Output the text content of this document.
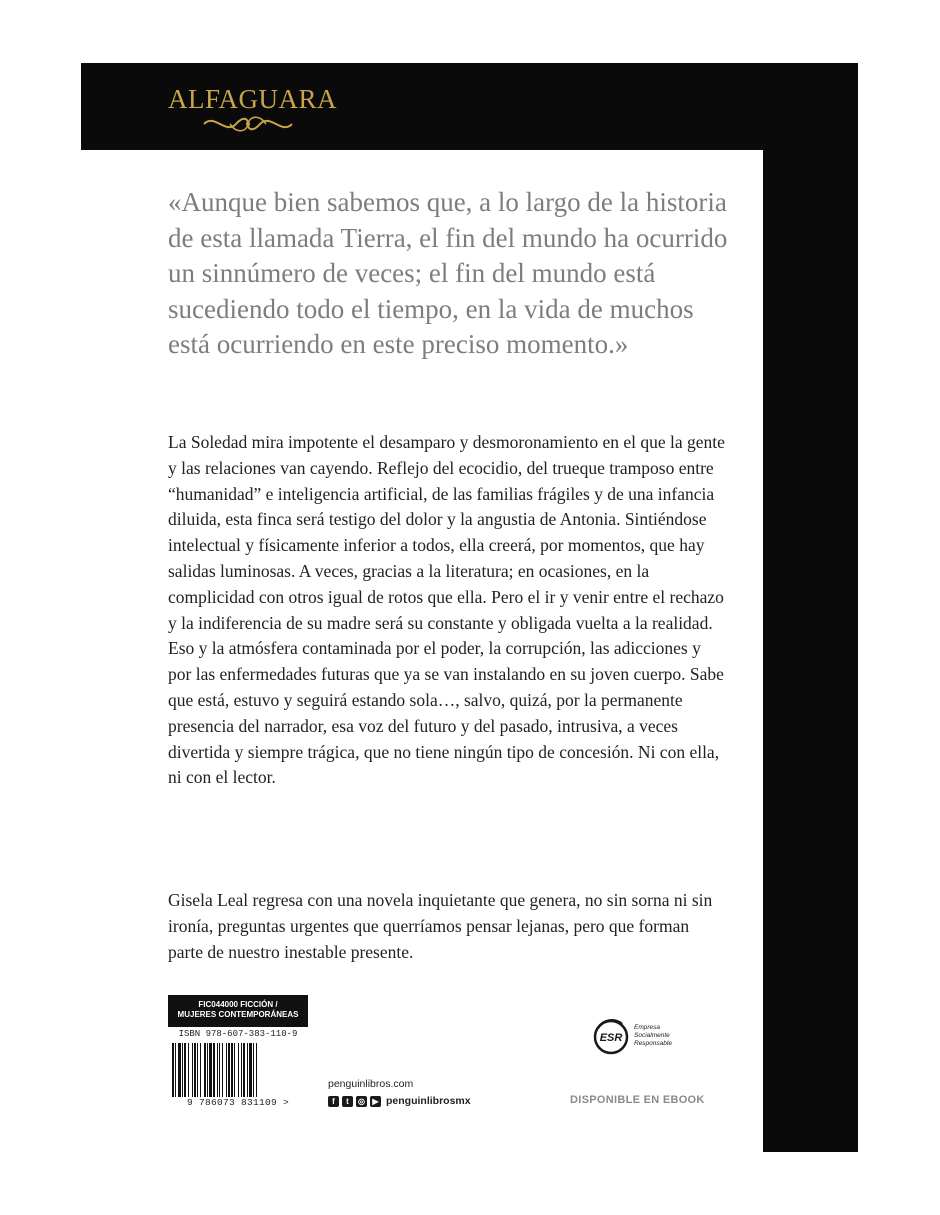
ALFAGUARA

«Aunque bien sabemos que, a lo largo de la historia de esta llamada Tierra, el fin del mundo ha ocurrido un sinnúmero de veces; el fin del mundo está sucediendo todo el tiempo, en la vida de muchos está ocurriendo en este preciso momento.»

La Soledad mira impotente el desamparo y desmoronamiento en el que la gente y las relaciones van cayendo. Reflejo del ecocidio, del trueque tramposo entre “humanidad” e inteligencia artificial, de las familias frágiles y de una infancia diluida, esta finca será testigo del dolor y la angustia de Antonia. Sintiéndose intelectual y físicamente inferior a todos, ella creerá, por momentos, que hay salidas luminosas. A veces, gracias a la literatura; en ocasiones, en la complicidad con otros igual de rotos que ella. Pero el ir y venir entre el rechazo y la indiferencia de su madre será su constante y obligada vuelta a la realidad. Eso y la atmósfera contaminada por el poder, la corrupción, las adicciones y por las enfermedades futuras que ya se van instalando en su joven cuerpo. Sabe que está, estuvo y seguirá estando sola…, salvo, quizá, por la permanente presencia del narrador, esa voz del futuro y del pasado, intrusiva, a veces divertida y siempre trágica, que no tiene ningún tipo de concesión. Ni con ella, ni con el lector.

Gisela Leal regresa con una novela inquietante que genera, no sin sorna ni sin ironía, preguntas urgentes que querríamos pensar lejanas, pero que forman parte de nuestro inestable presente.

FIC044000 FICCIÓN /
MUJERES CONTEMPORÁNEAS
ISBN 978-607-383-110-9
9 786073 831109 >
penguinlibros.com
f	t	◎ ▶ penguinlibrosmx
ESR
Empresa
Socialmente
Responsable
DISPONIBLE EN EBOOK
